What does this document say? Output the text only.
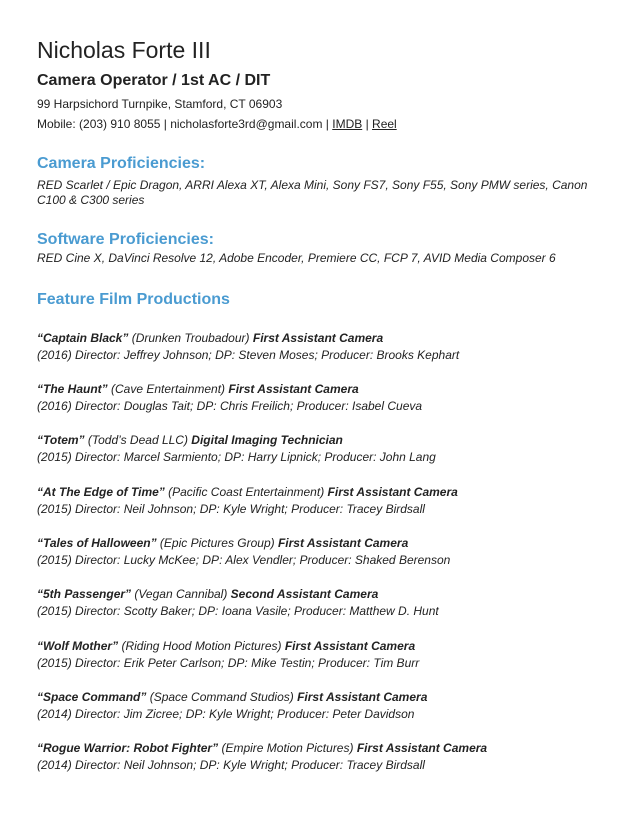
Nicholas Forte III
Camera Operator / 1st AC / DIT
99 Harpsichord Turnpike, Stamford, CT 06903
Mobile: (203) 910 8055 | nicholasforte3rd@gmail.com | IMDB | Reel
Camera Proficiencies:
RED Scarlet / Epic Dragon, ARRI Alexa XT, Alexa Mini, Sony FS7, Sony F55, Sony PMW series, Canon C100 & C300 series
Software Proficiencies:
RED Cine X, DaVinci Resolve 12, Adobe Encoder, Premiere CC, FCP 7, AVID Media Composer 6
Feature Film Productions
“Captain Black” (Drunken Troubadour) First Assistant Camera
(2016) Director: Jeffrey Johnson; DP: Steven Moses; Producer: Brooks Kephart
“The Haunt” (Cave Entertainment) First Assistant Camera
(2016) Director: Douglas Tait; DP: Chris Freilich; Producer: Isabel Cueva
“Totem” (Todd’s Dead LLC) Digital Imaging Technician
(2015) Director: Marcel Sarmiento; DP: Harry Lipnick; Producer: John Lang
“At The Edge of Time” (Pacific Coast Entertainment) First Assistant Camera
(2015) Director: Neil Johnson; DP: Kyle Wright; Producer: Tracey Birdsall
“Tales of Halloween” (Epic Pictures Group) First Assistant Camera
(2015) Director: Lucky McKee; DP: Alex Vendler; Producer: Shaked Berenson
“5th Passenger” (Vegan Cannibal) Second Assistant Camera
(2015) Director: Scotty Baker; DP: Ioana Vasile; Producer: Matthew D. Hunt
“Wolf Mother” (Riding Hood Motion Pictures) First Assistant Camera
(2015) Director: Erik Peter Carlson; DP: Mike Testin; Producer: Tim Burr
“Space Command” (Space Command Studios) First Assistant Camera
(2014) Director: Jim Zicree; DP: Kyle Wright; Producer: Peter Davidson
“Rogue Warrior: Robot Fighter” (Empire Motion Pictures) First Assistant Camera
(2014) Director: Neil Johnson; DP: Kyle Wright; Producer: Tracey Birdsall
